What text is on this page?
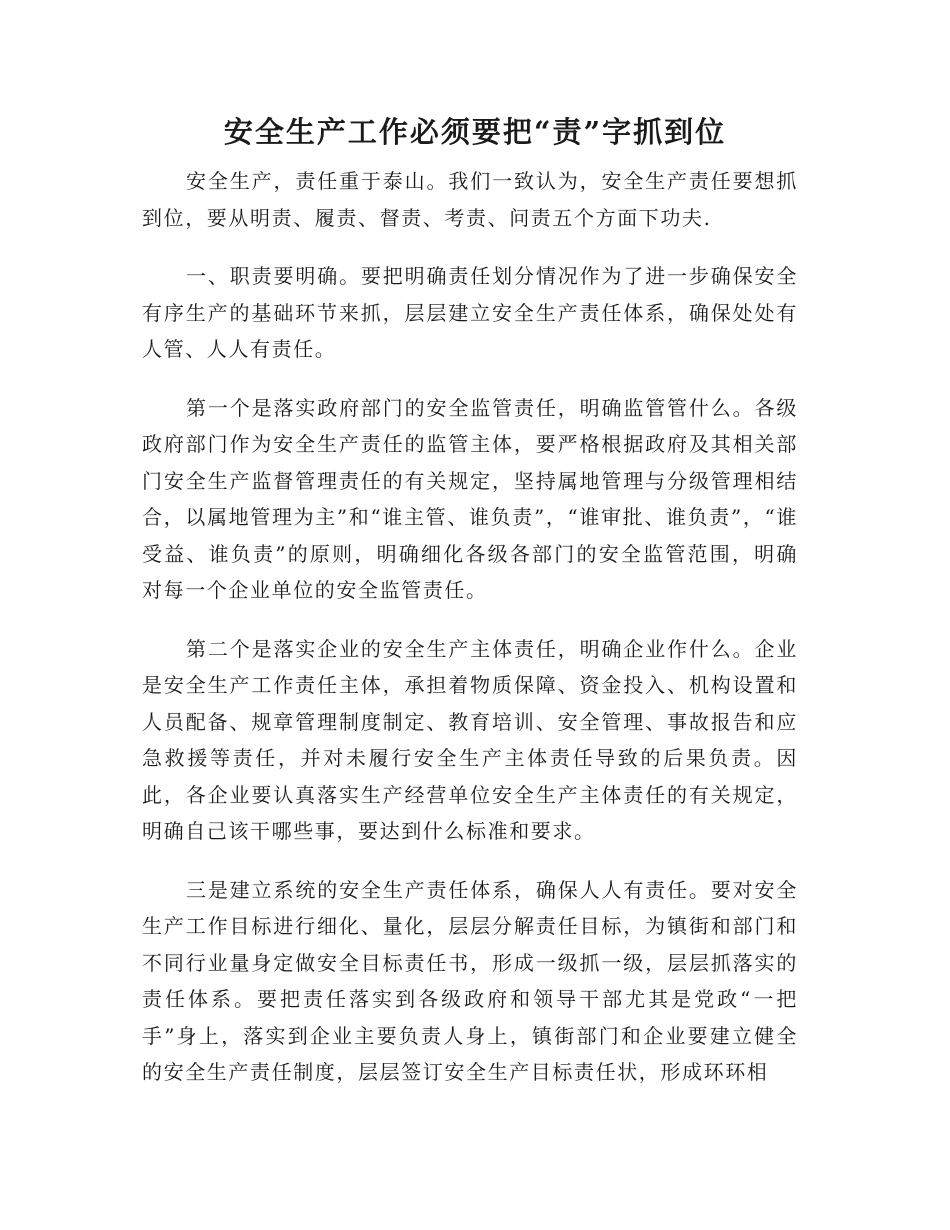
安全生产工作必须要把“责”字抓到位

安全生产，责任重于泰山。我们一致认为，安全生产责任要想抓到位，要从明责、履责、督责、考责、问责五个方面下功夫.

一、职责要明确。要把明确责任划分情况作为了进一步确保安全有序生产的基础环节来抓，层层建立安全生产责任体系，确保处处有人管、人人有责任。

第一个是落实政府部门的安全监管责任，明确监管管什么。各级政府部门作为安全生产责任的监管主体，要严格根据政府及其相关部门安全生产监督管理责任的有关规定，坚持属地管理与分级管理相结合，以属地管理为主”和“谁主管、谁负责”，“谁审批、谁负责”，“谁受益、谁负责”的原则，明确细化各级各部门的安全监管范围，明确对每一个企业单位的安全监管责任。

第二个是落实企业的安全生产主体责任，明确企业作什么。企业是安全生产工作责任主体，承担着物质保障、资金投入、机构设置和人员配备、规章管理制度制定、教育培训、安全管理、事故报告和应急救援等责任，并对未履行安全生产主体责任导致的后果负责。因此，各企业要认真落实生产经营单位安全生产主体责任的有关规定，明确自己该干哪些事，要达到什么标准和要求。

三是建立系统的安全生产责任体系，确保人人有责任。要对安全生产工作目标进行细化、量化，层层分解责任目标，为镇街和部门和不同行业量身定做安全目标责任书，形成一级抓一级，层层抓落实的责任体系。要把责任落实到各级政府和领导干部尤其是党政“一把手”身上，落实到企业主要负责人身上，镇街部门和企业要建立健全的安全生产责任制度，层层签订安全生产目标责任状，形成环环相
